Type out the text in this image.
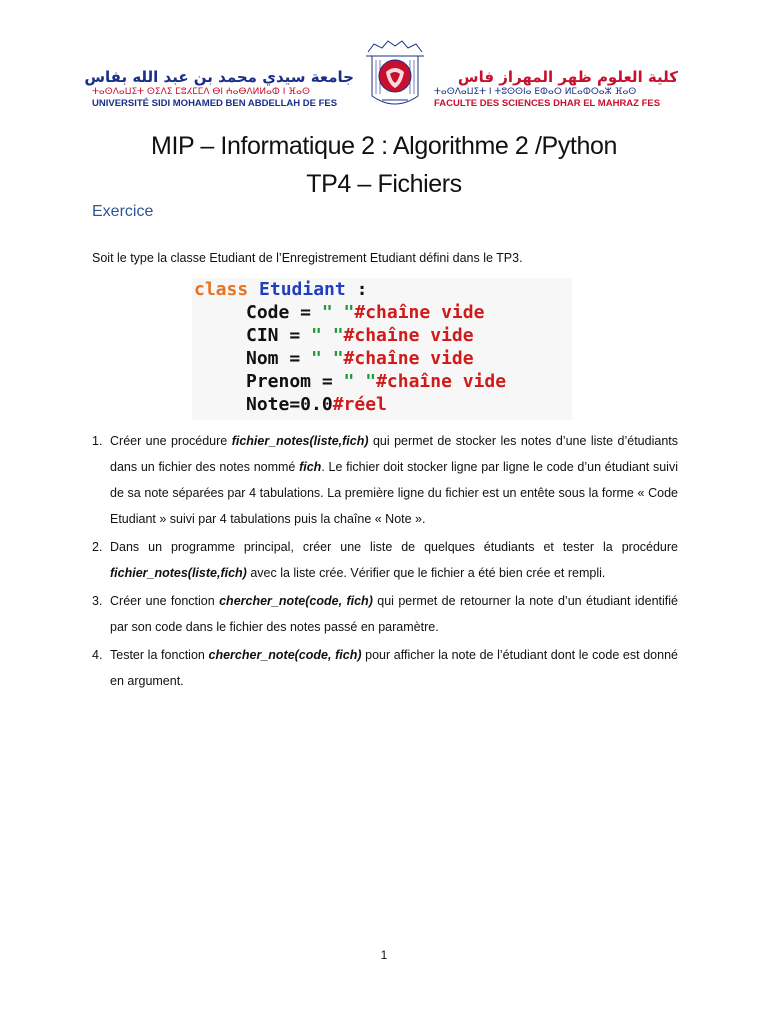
جامعة سيدي محمد بن عبد الله بفاس
ⵜⴰⵙⴷⴰⵡⵉⵜ ⵙⵉⴷⵉ ⵎⵓⵃⵎⵎⴷ ⴱⵏ ⵄⴰⴱⴷⵍⵍⴰⵀ ⵏ ⴼⴰⵙ
UNIVERSITÉ SIDI MOHAMED BEN ABDELLAH DE FES
كلية العلوم ظهر المهراز فاس
ⵜⴰⵙⴷⴰⵡⵉⵜ ⵏ ⵜⵓⵙⵙⵏⴰ ⴹⵀⴰⵔ ⵍⵎⴰⵀⵔⴰⵣ ⴼⴰⵙ
FACULTE DES SCIENCES DHAR EL MAHRAZ FES
MIP – Informatique 2 : Algorithme 2 /Python
TP4 – Fichiers
Exercice
Soit le type la classe Etudiant de l’Enregistrement Etudiant défini dans le TP3.
class Etudiant :
Code = " "#chaîne vide
CIN = " "#chaîne vide
Nom = " "#chaîne vide
Prenom = " "#chaîne vide
Note=0.0#réel
1. Créer une procédure fichier_notes(liste,fich) qui permet de stocker les notes d’une liste d’étudiants dans un fichier des notes nommé fich. Le fichier doit stocker ligne par ligne le code d’un étudiant suivi de sa note séparées par 4 tabulations. La première ligne du fichier est un entête sous la forme « Code Etudiant » suivi par 4 tabulations puis la chaîne « Note ».
2. Dans un programme principal, créer une liste de quelques étudiants et tester la procédure fichier_notes(liste,fich) avec la liste crée. Vérifier que le fichier a été bien crée et rempli.
3. Créer une fonction chercher_note(code, fich) qui permet de retourner la note d’un étudiant identifié par son code dans le fichier des notes passé en paramètre.
4. Tester la fonction chercher_note(code, fich) pour afficher la note de l’étudiant dont le code est donné en argument.
1
